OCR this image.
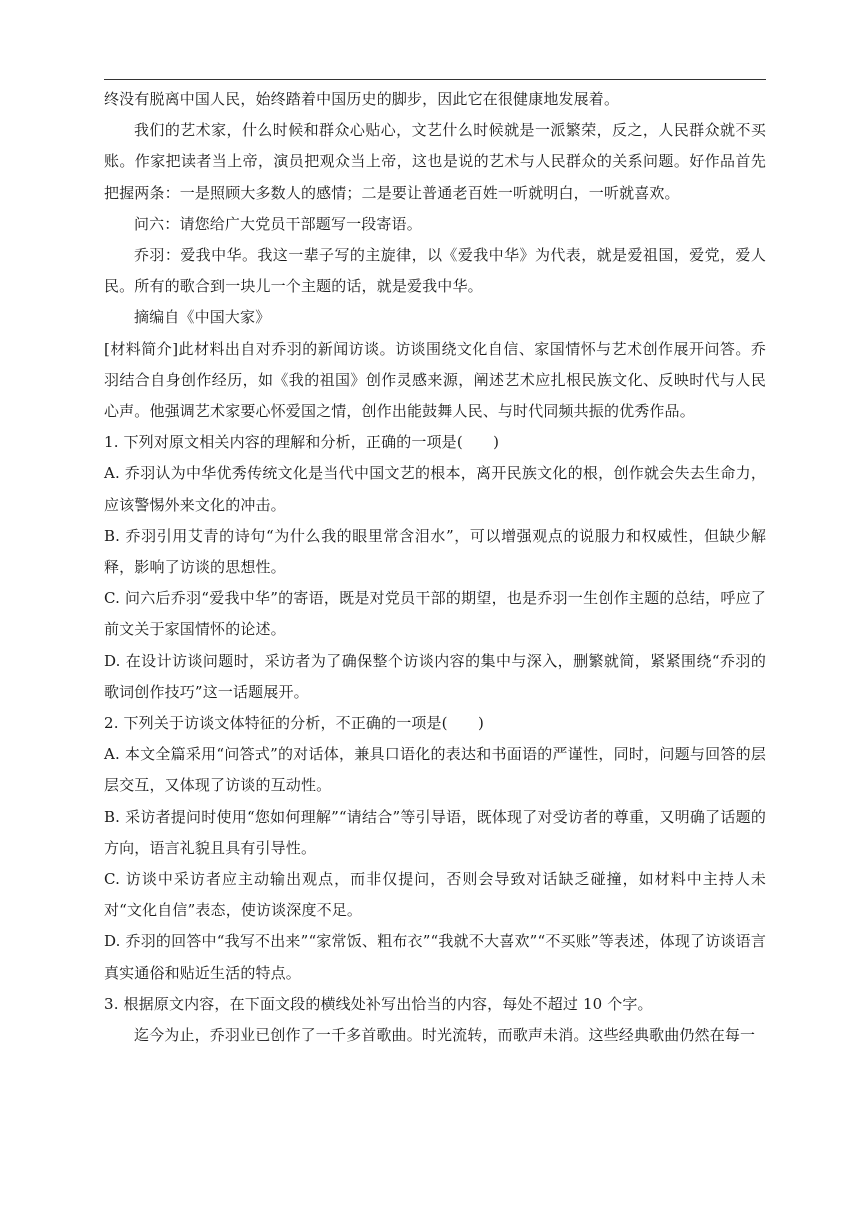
终没有脱离中国人民，始终踏着中国历史的脚步，因此它在很健康地发展着。

我们的艺术家，什么时候和群众心贴心，文艺什么时候就是一派繁荣，反之，人民群众就不买账。作家把读者当上帝，演员把观众当上帝，这也是说的艺术与人民群众的关系问题。好作品首先把握两条：一是照顾大多数人的感情；二是要让普通老百姓一听就明白，一听就喜欢。

问六：请您给广大党员干部题写一段寄语。

乔羽：爱我中华。我这一辈子写的主旋律，以《爱我中华》为代表，就是爱祖国，爱党，爱人民。所有的歌合到一块儿一个主题的话，就是爱我中华。

摘编自《中国大家》

[材料简介]此材料出自对乔羽的新闻访谈。访谈围绕文化自信、家国情怀与艺术创作展开问答。乔羽结合自身创作经历，如《我的祖国》创作灵感来源，阐述艺术应扎根民族文化、反映时代与人民心声。他强调艺术家要心怀爱国之情，创作出能鼓舞人民、与时代同频共振的优秀作品。

1. 下列对原文相关内容的理解和分析，正确的一项是(　　)

A. 乔羽认为中华优秀传统文化是当代中国文艺的根本，离开民族文化的根，创作就会失去生命力，应该警惕外来文化的冲击。

B. 乔羽引用艾青的诗句“为什么我的眼里常含泪水”，可以增强观点的说服力和权威性，但缺少解释，影响了访谈的思想性。

C. 问六后乔羽“爱我中华”的寄语，既是对党员干部的期望，也是乔羽一生创作主题的总结，呼应了前文关于家国情怀的论述。

D. 在设计访谈问题时，采访者为了确保整个访谈内容的集中与深入，删繁就简，紧紧围绕“乔羽的歌词创作技巧”这一话题展开。

2. 下列关于访谈文体特征的分析，不正确的一项是(　　)

A. 本文全篇采用“问答式”的对话体，兼具口语化的表达和书面语的严谨性，同时，问题与回答的层层交互，又体现了访谈的互动性。

B. 采访者提问时使用“您如何理解”“请结合”等引导语，既体现了对受访者的尊重，又明确了话题的方向，语言礼貌且具有引导性。

C. 访谈中采访者应主动输出观点，而非仅提问，否则会导致对话缺乏碰撞，如材料中主持人未对“文化自信”表态，使访谈深度不足。

D. 乔羽的回答中“我写不出来”“家常饭、粗布衣”“我就不大喜欢”“不买账”等表述，体现了访谈语言真实通俗和贴近生活的特点。

3. 根据原文内容，在下面文段的横线处补写出恰当的内容，每处不超过 10 个字。

迄今为止，乔羽业已创作了一千多首歌曲。时光流转，而歌声未消。这些经典歌曲仍然在每一
